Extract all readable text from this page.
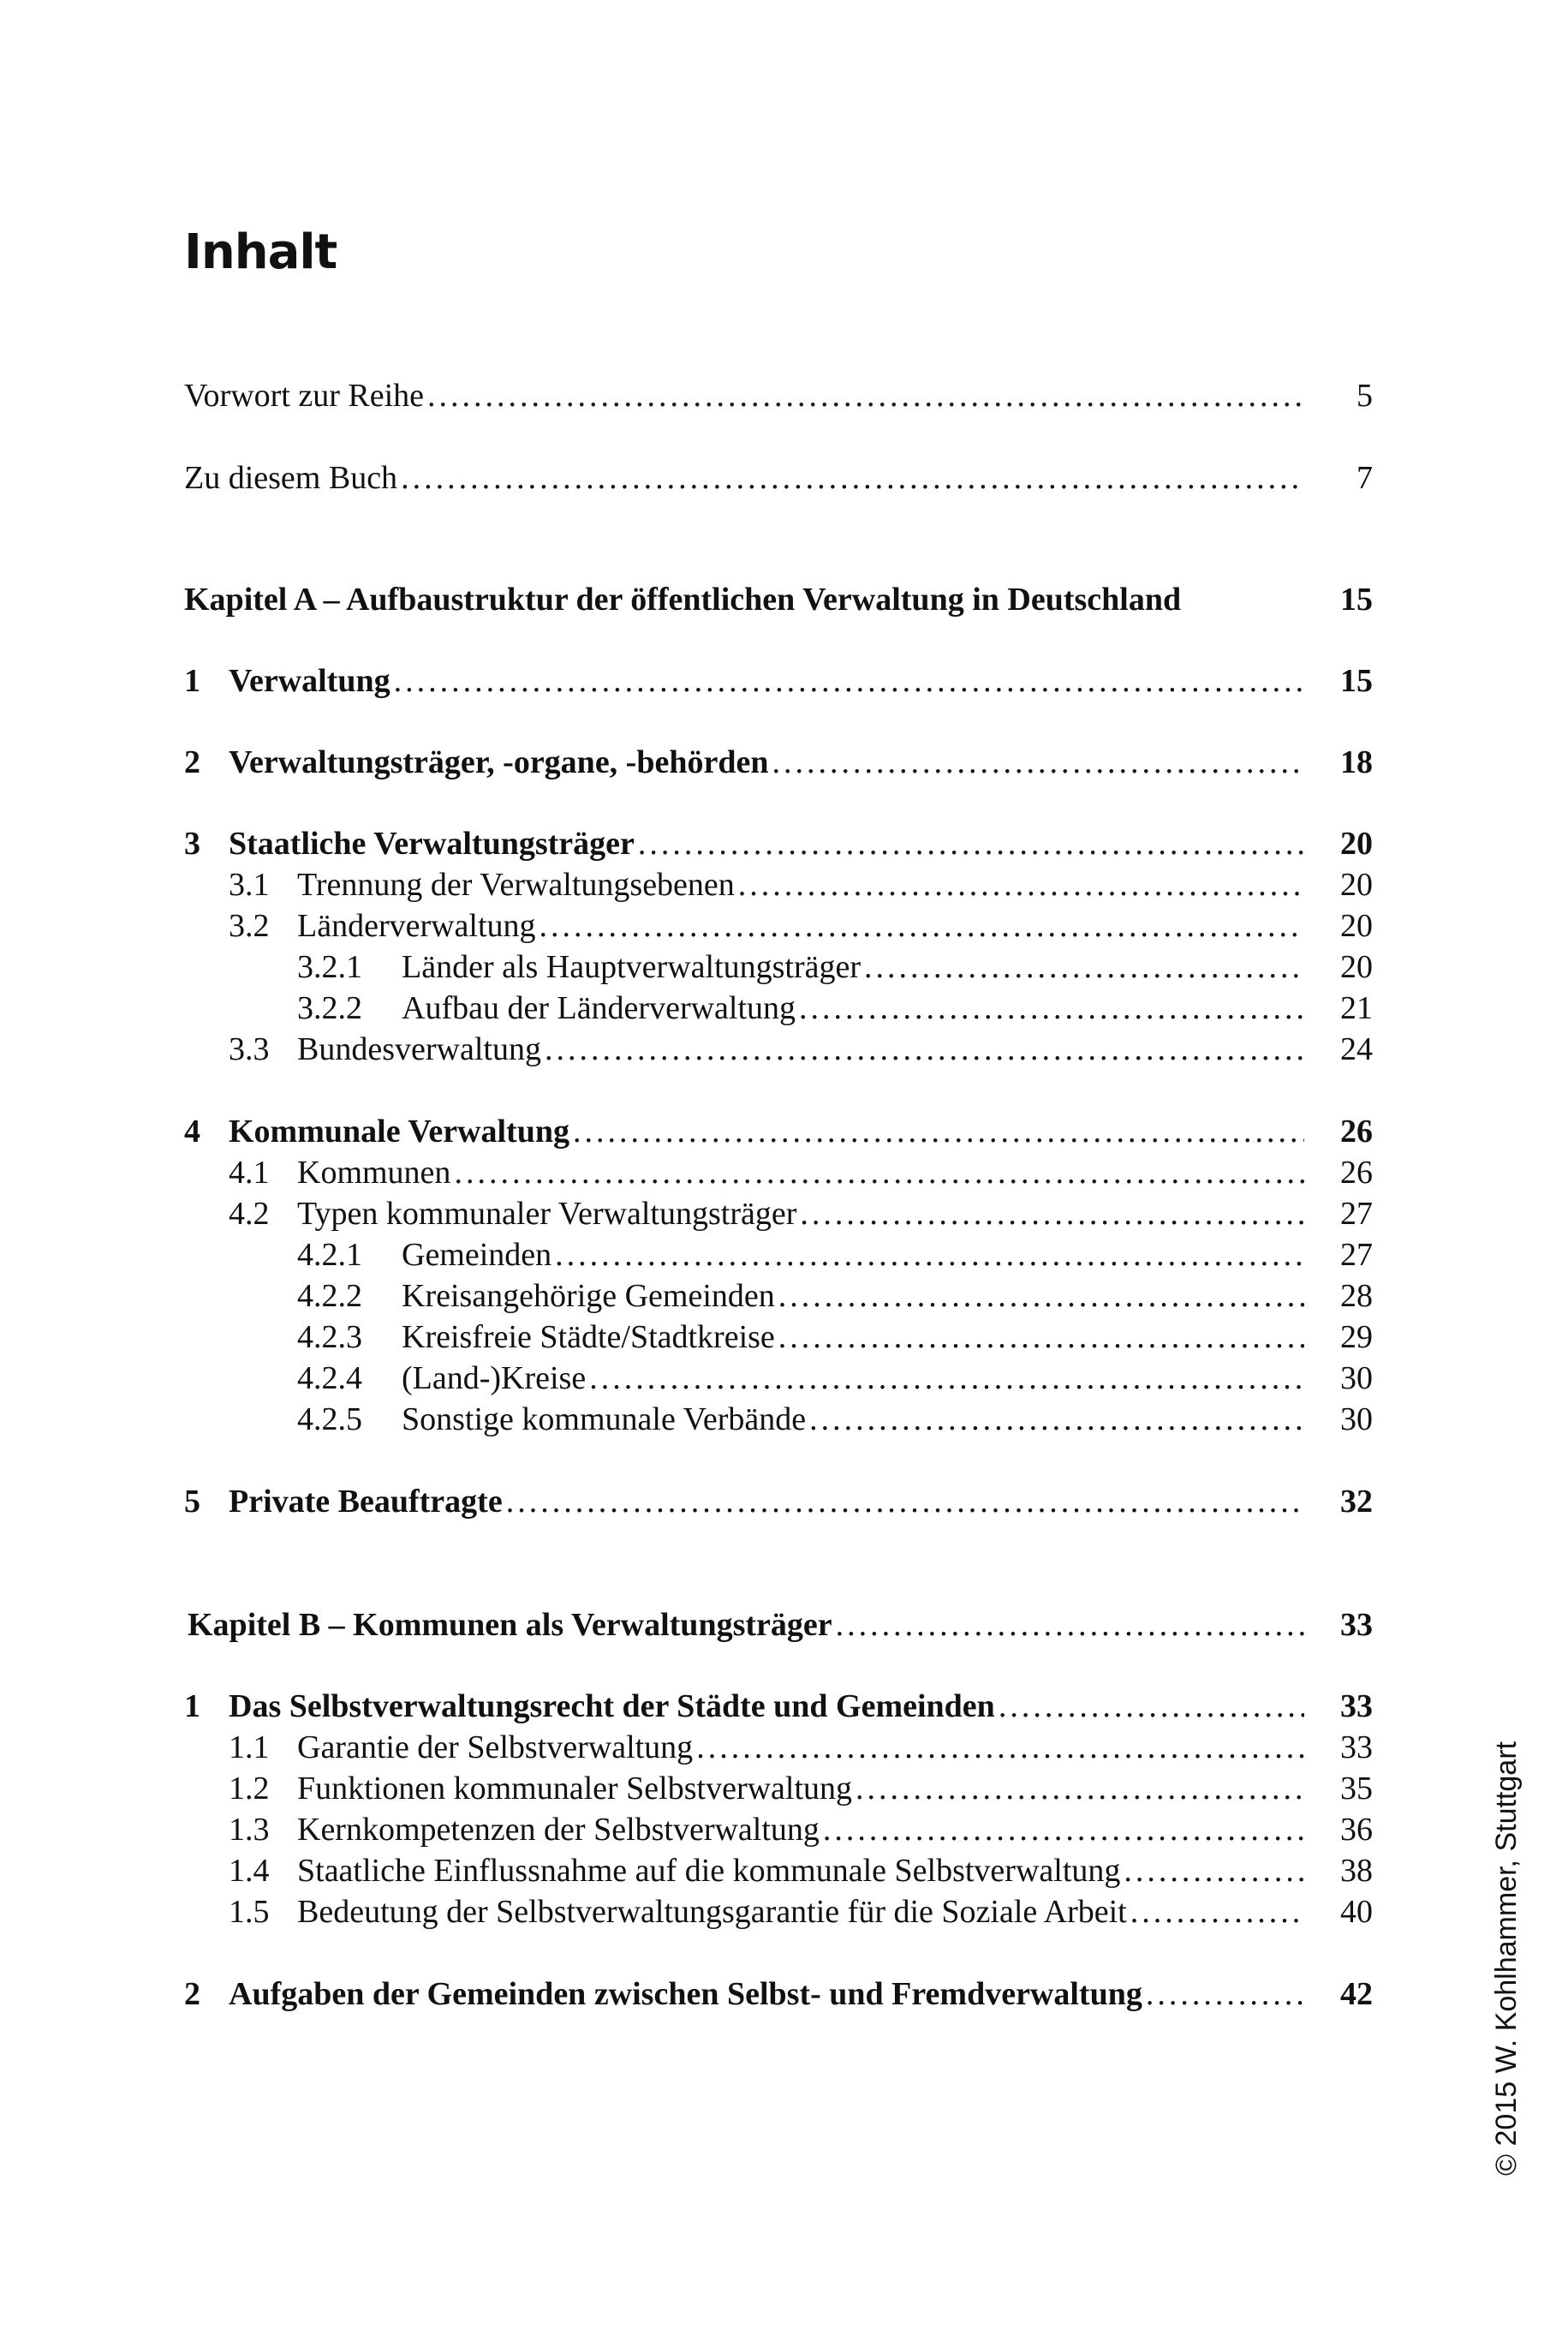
Inhalt
Vorwort zur Reihe .....	5
Zu diesem Buch .....	7
Kapitel A – Aufbaustruktur der öffentlichen Verwaltung in Deutschland	15
1 Verwaltung .....	15
2 Verwaltungsträger, -organe, -behörden .....	18
3 Staatliche Verwaltungsträger .....	20
3.1 Trennung der Verwaltungsebenen .....	20
3.2 Länderverwaltung .....	20
3.2.1	Länder als Hauptverwaltungsträger .....	20
3.2.2	Aufbau der Länderverwaltung .....	21
3.3 Bundesverwaltung .....	24
4 Kommunale Verwaltung .....	26
4.1 Kommunen .....	26
4.2 Typen kommunaler Verwaltungsträger .....	27
4.2.1	Gemeinden .....	27
4.2.2	Kreisangehörige Gemeinden .....	28
4.2.3	Kreisfreie Städte/Stadtkreise .....	29
4.2.4	(Land-)Kreise .....	30
4.2.5	Sonstige kommunale Verbände .....	30
5 Private Beauftragte .....	32
Kapitel B – Kommunen als Verwaltungsträger .....	33
1 Das Selbstverwaltungsrecht der Städte und Gemeinden .....	33
1.1 Garantie der Selbstverwaltung .....	33
1.2 Funktionen kommunaler Selbstverwaltung .....	35
1.3 Kernkompetenzen der Selbstverwaltung .....	36
1.4 Staatliche Einflussnahme auf die kommunale Selbstverwaltung .....	38
1.5 Bedeutung der Selbstverwaltungsgarantie für die Soziale Arbeit .....	40
2 Aufgaben der Gemeinden zwischen Selbst- und Fremdverwaltung .....	42	© 2015 W. Kohlhammer, Stuttgart
